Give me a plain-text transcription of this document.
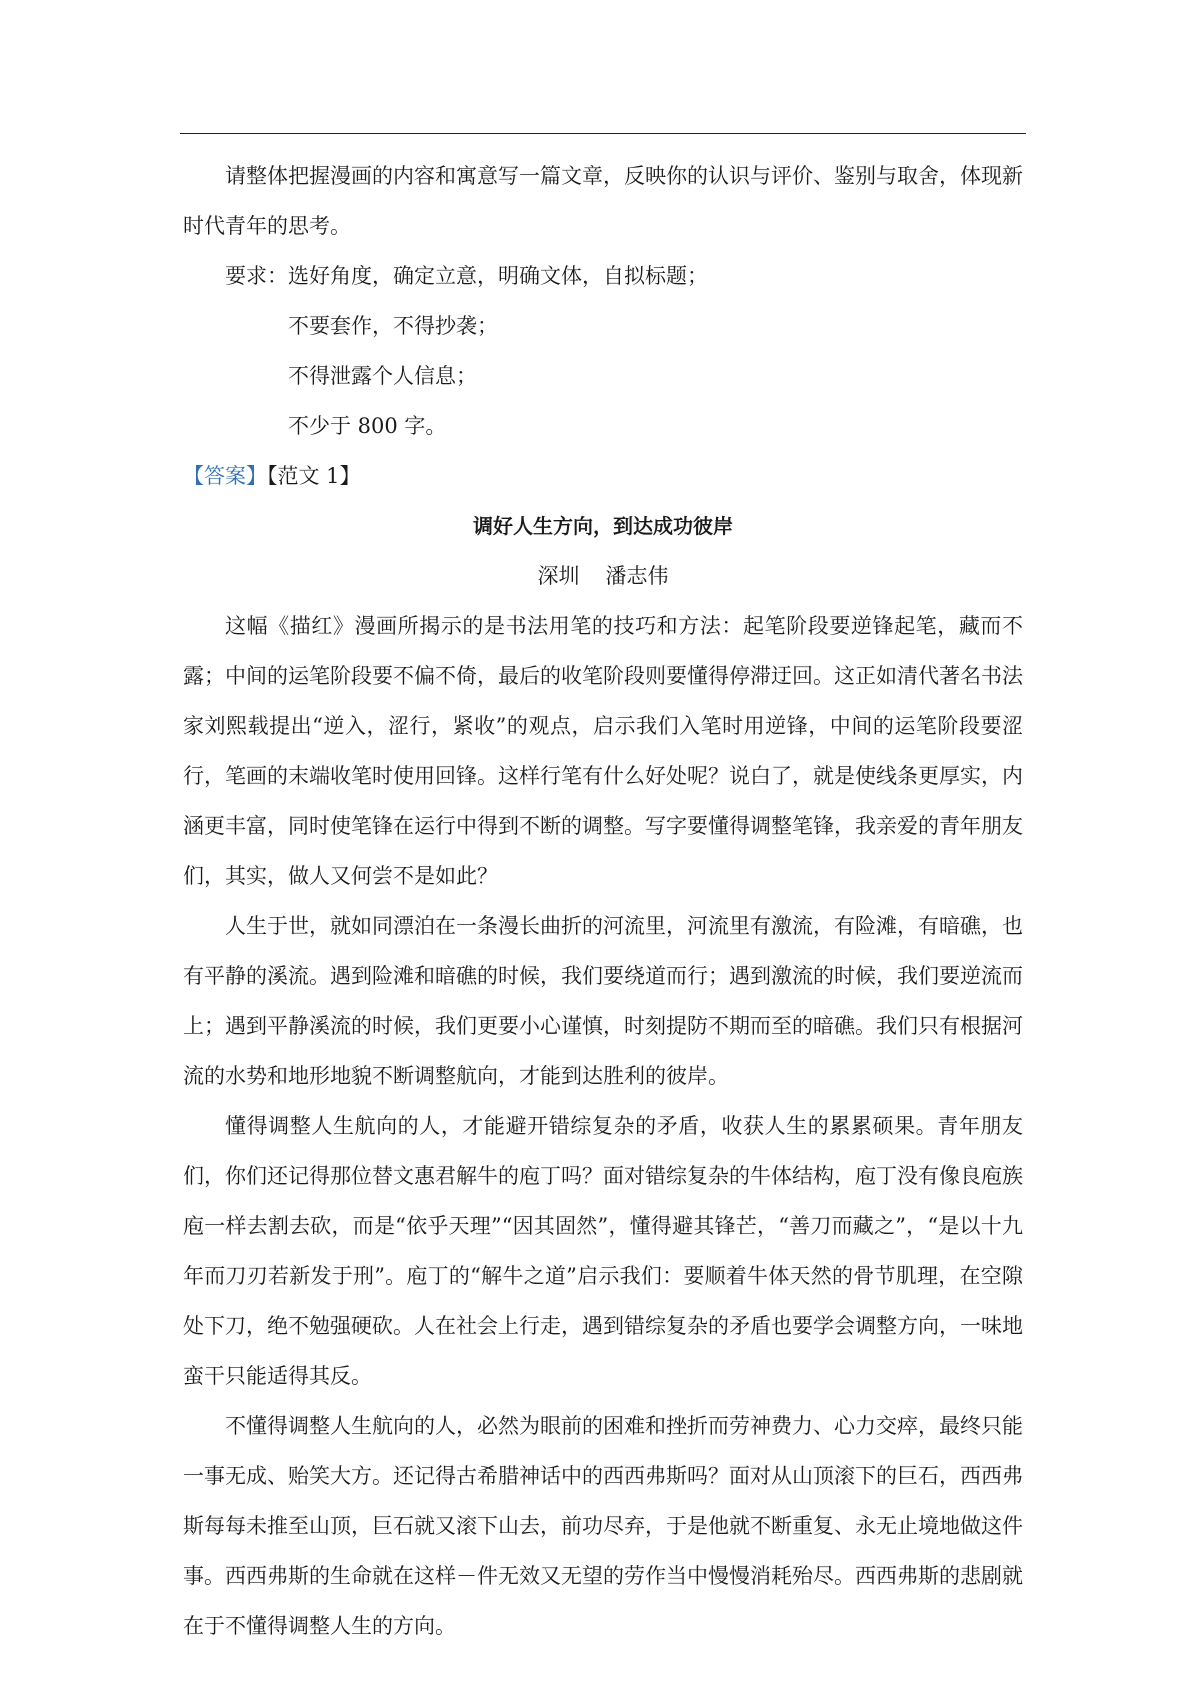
请整体把握漫画的内容和寓意写一篇文章，反映你的认识与评价、鉴别与取舍，体现新时代青年的思考。

要求：选好角度，确定立意，明确文体，自拟标题；

不要套作，不得抄袭；

不得泄露个人信息；

不少于 800 字。

【答案】【范文 1】

调好人生方向，到达成功彼岸

深圳 潘志伟

这幅《描红》漫画所揭示的是书法用笔的技巧和方法：起笔阶段要逆锋起笔，藏而不露；中间的运笔阶段要不偏不倚，最后的收笔阶段则要懂得停滞迂回。这正如清代著名书法家刘熙载提出“逆入，涩行，紧收”的观点，启示我们入笔时用逆锋，中间的运笔阶段要涩行，笔画的末端收笔时使用回锋。这样行笔有什么好处呢？说白了，就是使线条更厚实，内涵更丰富，同时使笔锋在运行中得到不断的调整。写字要懂得调整笔锋，我亲爱的青年朋友们，其实，做人又何尝不是如此？

人生于世，就如同漂泊在一条漫长曲折的河流里，河流里有激流，有险滩，有暗礁，也有平静的溪流。遇到险滩和暗礁的时候，我们要绕道而行；遇到激流的时候，我们要逆流而上；遇到平静溪流的时候，我们更要小心谨慎，时刻提防不期而至的暗礁。我们只有根据河流的水势和地形地貌不断调整航向，才能到达胜利的彼岸。

懂得调整人生航向的人，才能避开错综复杂的矛盾，收获人生的累累硕果。青年朋友们，你们还记得那位替文惠君解牛的庖丁吗？面对错综复杂的牛体结构，庖丁没有像良庖族庖一样去割去砍，而是“依乎天理”“因其固然”，懂得避其锋芒，“善刀而藏之”，“是以十九年而刀刃若新发于刑”。庖丁的“解牛之道”启示我们：要顺着牛体天然的骨节肌理，在空隙处下刀，绝不勉强硬砍。人在社会上行走，遇到错综复杂的矛盾也要学会调整方向，一味地蛮干只能适得其反。

不懂得调整人生航向的人，必然为眼前的困难和挫折而劳神费力、心力交瘁，最终只能一事无成、贻笑大方。还记得古希腊神话中的西西弗斯吗？面对从山顶滚下的巨石，西西弗斯每每未推至山顶，巨石就又滚下山去，前功尽弃，于是他就不断重复、永无止境地做这件事。西西弗斯的生命就在这样－件无效又无望的劳作当中慢慢消耗殆尽。西西弗斯的悲剧就在于不懂得调整人生的方向。
